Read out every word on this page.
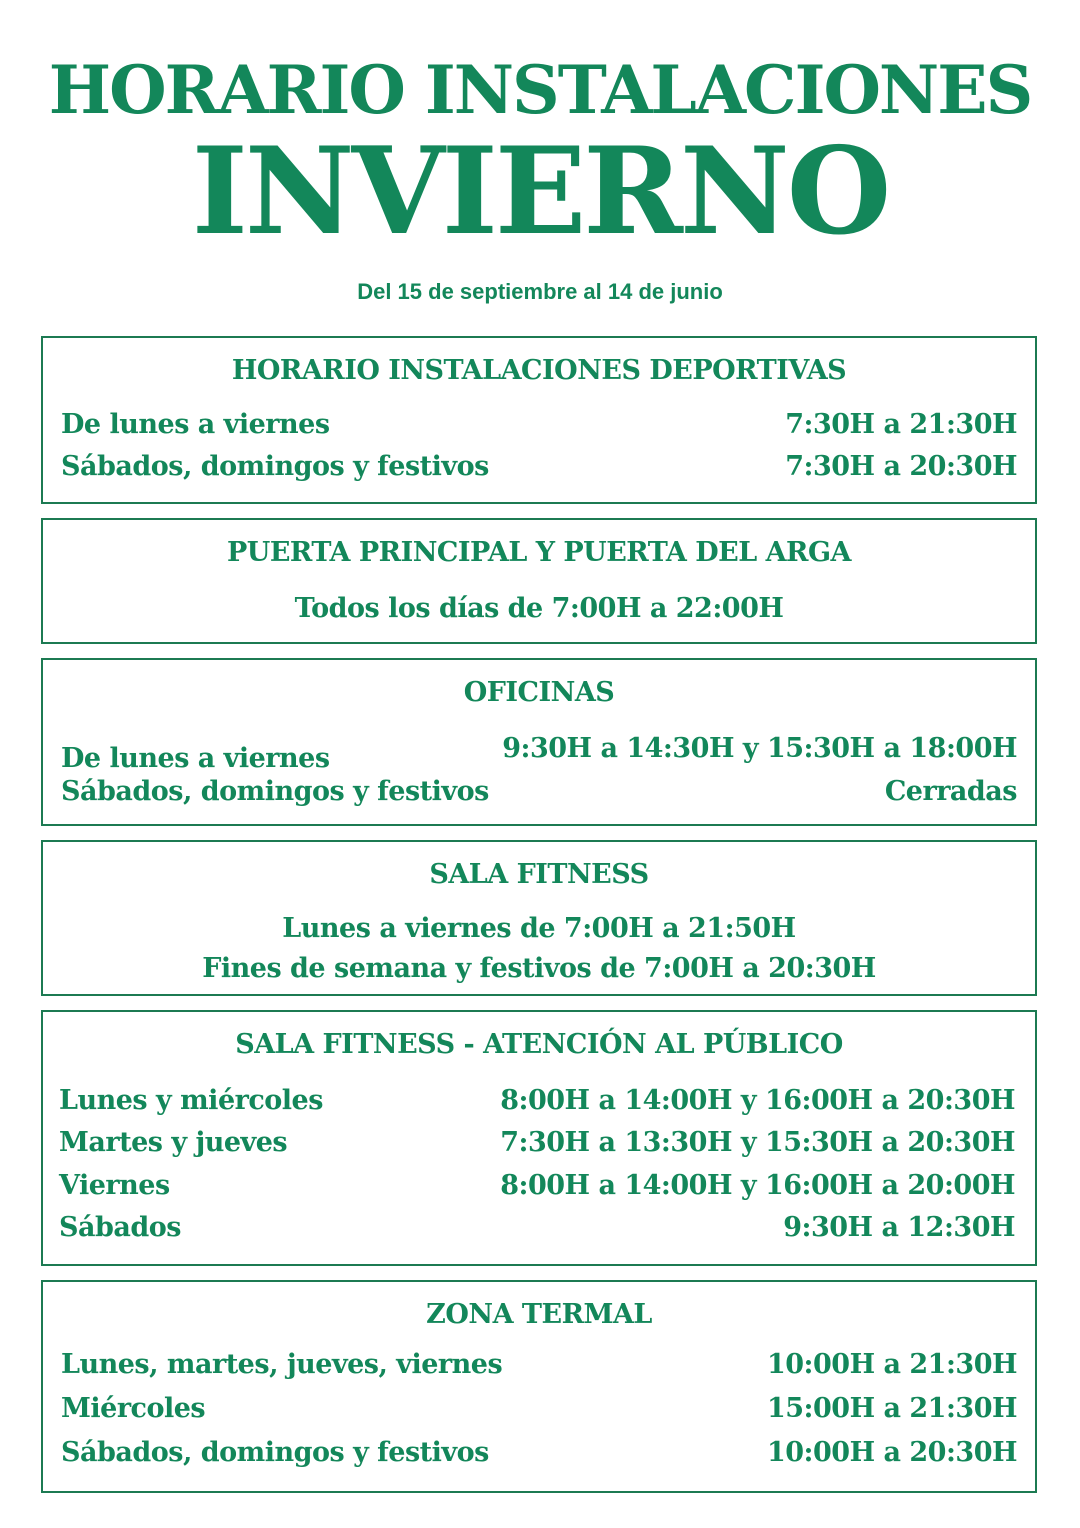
HORARIO INSTALACIONES
INVIERNO
Del 15 de septiembre al 14 de junio
HORARIO INSTALACIONES DEPORTIVAS
De lunes a viernes	7:30H a 21:30H
Sábados, domingos y festivos	7:30H a 20:30H
PUERTA PRINCIPAL Y PUERTA DEL ARGA
Todos los días de 7:00H a 22:00H
OFICINAS
De lunes a viernes	9:30H a 14:30H y 15:30H a 18:00H
Sábados, domingos y festivos	Cerradas
SALA FITNESS
Lunes a viernes de 7:00H a 21:50H
Fines de semana y festivos de 7:00H a 20:30H
SALA FITNESS - ATENCIÓN AL PÚBLICO
Lunes y miércoles	8:00H a 14:00H y 16:00H a 20:30H
Martes y jueves	7:30H a 13:30H y 15:30H a 20:30H
Viernes	8:00H a 14:00H y 16:00H a 20:00H
Sábados	9:30H a 12:30H
ZONA TERMAL
Lunes, martes, jueves, viernes	10:00H a 21:30H
Miércoles	15:00H a 21:30H
Sábados, domingos y festivos	10:00H a 20:30H
